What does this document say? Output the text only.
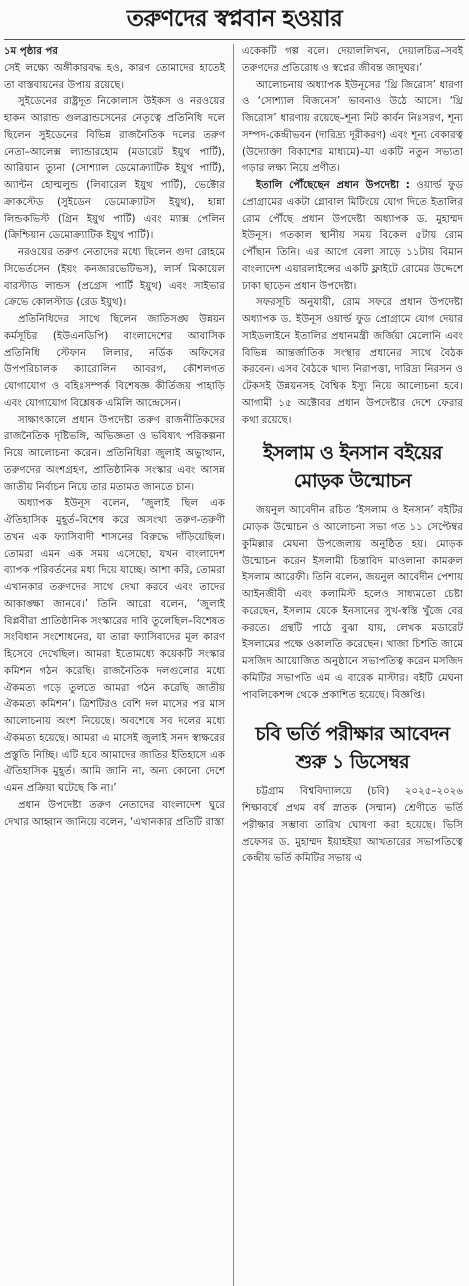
তরুণদের স্বপ্নবান হওয়ার

১ম পৃষ্ঠার পর
সেই লক্ষ্যে অঙ্গীকারবদ্ধ হও, কারণ তোমাদের হাতেই তা বাস্তবায়নের উপায় রয়েছে।

সুইডেনের রাষ্ট্রদূত নিকোলাস উইকস ও নরওয়ের হাকন আরান্ড গুলব্রান্ডসেনের নেতৃত্বে প্রতিনিধি দলে ছিলেন সুইডেনের বিভিন্ন রাজনৈতিক দলের তরুণ নেতা–আলেক্স ল্যান্ডারহোম (মডারেট ইয়ুথ পার্টি), আরিয়ান ত্যুনা (সোশ্যাল ডেমোক্র্যাটিক ইয়ুথ পার্টি), অ্যান্টন হোল্মলুন্ড (লিবারেল ইয়ুথ পার্টি), ভেক্টোর ক্রাকস্টেড (সুইডেন ডেমোক্র্যাটস ইয়ুথ), হান্না লিন্ডকভিস্ট (গ্রিন ইয়ুথ পার্টি) এবং ম্যাক্স পেলিন (ক্রিশ্চিয়ান ডেমোক্র্যাটিক ইয়ুথ পার্টি)।

নরওয়ের তরুণ নেতাদের মধ্যে ছিলেন গুদা রোহমে সিভের্তসেন (ইয়ং কনজারভেটিভস), লার্স মিকায়েল বারস্টাড লান্ডস (প্রগ্রেস পার্টি ইয়ুথ) এবং সাইভার ক্রেভে কোলস্টাড (রেড ইয়ুথ)।

প্রতিনিধিদের সাথে ছিলেন জাতিসঙ্ঘ উন্নয়ন কর্মসূচির (ইউএনডিপি) বাংলাদেশের আবাসিক প্রতিনিধি স্টেফান লিলার, নর্ডিক অফিসের উপপরিচালক ক্যারোলিন আবরগ, কৌশলগত যোগাযোগ ও বহিঃসম্পর্ক বিশেষজ্ঞ কীর্তিজয় পাহাড়ি এবং যোগাযোগ বিশ্লেষক এমিলি আন্দ্রেসেন।

সাক্ষাৎকালে প্রধান উপদেষ্টা তরুণ রাজনীতিকদের রাজনৈতিক দৃষ্টিভঙ্গি, অভিজ্ঞতা ও ভবিষ্যৎ পরিকল্পনা নিয়ে আলোচনা করেন। প্রতিনিধিরা জুলাই অভ্যুত্থান, তরুণদের অংশগ্রহণ, প্রাতিষ্ঠানিক সংস্কার এবং আসন্ন জাতীয় নির্বাচন নিয়ে তার মতামত জানতে চান।

অধ্যাপক ইউনূস বলেন, ‘জুলাই ছিল এক ঐতিহাসিক মুহূর্ত–বিশেষ করে অসংখ্য তরুণ-তরুণী তখন এক ফ্যাসিবাদী শাসনের বিরুদ্ধে দাঁড়িয়েছিল। তোমরা এমন এক সময় এসেছো, যখন বাংলাদেশ ব্যাপক পরিবর্তনের মধ্য দিয়ে যাচ্ছে। আশা করি, তোমরা এখানকার তরুণদের সাথে দেখা করবে এবং তাদের আকাঙ্ক্ষা জানবে।’ তিনি আরো বলেন, ‘জুলাই বিপ্লবীরা প্রাতিষ্ঠানিক সংস্কারের দাবি তুলেছিল–বিশেষত সংবিধান সংশোধনের, যা তারা ফ্যাসিবাদের মূল কারণ হিসেবে দেখেছিল। আমরা ইতোমধ্যে কয়েকটি সংস্কার কমিশন গঠন করেছি। রাজনৈতিক দলগুলোর মধ্যে ঐকমত্য গড়ে তুলতে আমরা গঠন করেছি জাতীয় ঐকমত্য কমিশন’। ত্রিশটিরও বেশি দল মাসের পর মাস আলোচনায় অংশ নিয়েছে। অবশেষে সব দলের মধ্যে ঐকমত্য হয়েছে। আমরা এ মাসেই জুলাই সনদ স্বাক্ষরের প্রস্তুতি নিচ্ছি। এটি হবে আমাদের জাতির ইতিহাসে এক ঐতিহাসিক মুহূর্ত। আমি জানি না, অন্য কোনো দেশে এমন প্রক্রিয়া ঘটেছে কি না।’

প্রধান উপদেষ্টা তরুণ নেতাদের বাংলাদেশ ঘুরে দেখার আহ্বান জানিয়ে বলেন, ‘এখানকার প্রতিটি রাস্তা

একেকটি গল্প বলে। দেয়াললিখন, দেয়ালচিত্র–সবই তরুণদের প্রতিরোধ ও স্বপ্নের জীবন্ত জাদুঘর।’

আলোচনায় অধ্যাপক ইউনূসের ‘থ্রি জিরোস’ ধারণা ও ‘সোশ্যাল বিজনেস’ ভাবনাও উঠে আসে। ‘থ্রি জিরোস’ ধারণায় রয়েছে–শূন্য নিট কার্বন নিঃসরণ, শূন্য সম্পদ-কেন্দ্রীভবন (দারিদ্র্য দূরীকরণ) এবং শূন্য বেকারত্ব (উদ্যোক্তা বিকাশের মাধ্যমে)–যা একটি নতুন সভ্যতা গড়ার লক্ষ্য নিয়ে প্রণীত।

ইতালি পৌঁছেছেন প্রধান উপদেষ্টা : ওয়ার্ল্ড ফুড প্রোগ্রামের একটা গ্লোবাল মিটিংয়ে যোগ দিতে ইতালির রোম পৌঁছে প্রধান উপদেষ্টা অধ্যাপক ড. মুহাম্মদ ইউনূস। গতকাল স্থানীয় সময় বিকেল ৫টায় রোম পৌঁছান তিনি। এর আগে বেলা সাড়ে ১১টায় বিমান বাংলাদেশ এয়ারলাইন্সের একটি ফ্লাইটে রোমের উদ্দেশে ঢাকা ছাড়েন প্রধান উপদেষ্টা।

সফরসূচি অনুযায়ী, রোম সফরে প্রধান উপদেষ্টা অধ্যাপক ড. ইউনূস ওয়ার্ল্ড ফুড প্রোগ্রামে যোগ দেয়ার সাইডলাইনে ইতালির প্রধানমন্ত্রী জর্জিয়া মেলোনি এবং বিভিন্ন আন্তর্জাতিক সংস্থার প্রধানের সাথে বৈঠক করবেন। এসব বৈঠকে খাদ্য নিরাপত্তা, দারিদ্র্য নিরসন ও টেকসই উন্নয়নসহ বৈশ্বিক ইস্যু নিয়ে আলোচনা হবে। আগামী ১৫ অক্টোবর প্রধান উপদেষ্টার দেশে ফেরার কথা রয়েছে।

ইসলাম ও ইনসান বইয়ের মোড়ক উন্মোচন

জয়নুল আবেদীন রচিত ‘ইসলাম ও ইনসান’ বইটির মোড়ক উন্মোচন ও আলোচনা সভা গত ১১ সেপ্টেম্বর কুমিল্লার মেঘনা উপজেলায় অনুষ্ঠিত হয়। মোড়ক উন্মোচন করেন ইসলামী চিন্তাবিদ মাওলানা কামরুল ইসলাম আরেফী। তিনি বলেন, জয়নুল আবেদীন পেশায় আইনজীবী এবং কলামিস্ট হলেও সাধ্যমতো চেষ্টা করেছেন, ইসলাম যেকে ইনসানের সুখ-স্বস্তি খুঁজে বের করতে। গ্রন্থটি পাঠে বুঝা যায়, লেখক মডারেট ইসলামের পক্ষে ওকালতি করেছেন। খাজা চিশতি জামে মসজিদ আয়োজিত অনুষ্ঠানে সভাপতিত্ব করেন মসজিদ কমিটির সভাপতি এম এ বারেক মাস্টার। বইটি মেঘনা পাবলিকেশন্স থেকে প্রকাশিত হয়েছে। বিজ্ঞপ্তি।

চবি ভর্তি পরীক্ষার আবেদন শুরু ১ ডিসেম্বর

চট্টগ্রাম বিশ্ববিদ্যালয়ে (চবি) ২০২৫–২০২৬ শিক্ষাবর্ষে প্রথম বর্ষ স্নাতক (সম্মান) শ্রেণীতে ভর্তি পরীক্ষার সম্ভাব্য তারিখ ঘোষণা করা হয়েছে। ভিসি প্রফেসর ড. মুহাম্মদ ইয়াহইয়া আখতারের সভাপতিত্বে কেন্দ্রীয় ভর্তি কমিটির সভায় এ
